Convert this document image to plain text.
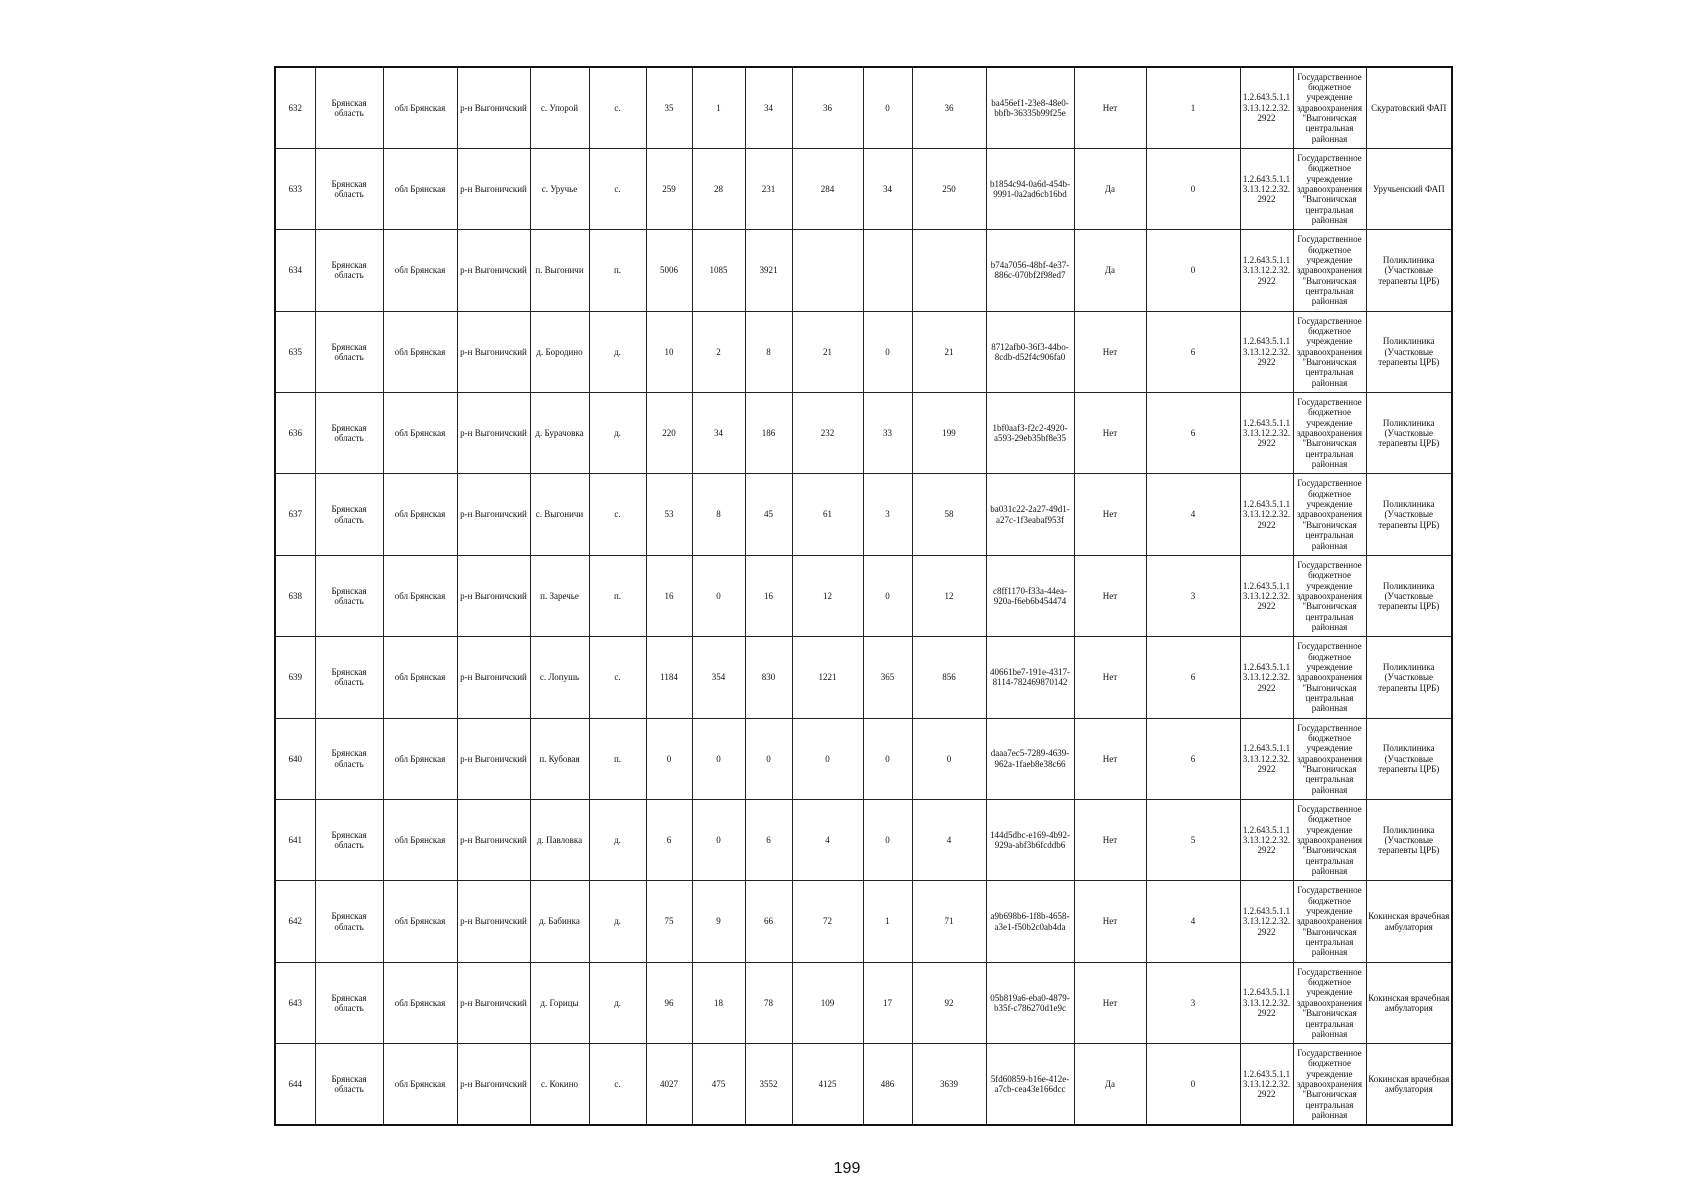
632	Брянская область	обл Брянская	р-н Выгоничский	с. Упорой	с.	35	1	34	36	0	36	ba456ef1-23e8-48e0-bbfb-36335b99f25e	Нет	1	1.2.643.5.1.13.13.12.2.32.2922	Государственное бюджетное учреждение здравоохранения "Выгоничская центральная районная	Скуратовский ФАП
633	Брянская область	обл Брянская	р-н Выгоничский	с. Уручье	с.	259	28	231	284	34	250	b1854c94-0a6d-454b-9991-0a2ad6cb16bd	Да	0	1.2.643.5.1.13.13.12.2.32.2922	Государственное бюджетное учреждение здравоохранения "Выгоничская центральная районная	Уручьенский ФАП
634	Брянская область	обл Брянская	р-н Выгоничский	п. Выгоничи	п.	5006	1085	3921				b74a7056-48bf-4e37-886c-070bf2f98ed7	Да	0	1.2.643.5.1.13.13.12.2.32.2922	Государственное бюджетное учреждение здравоохранения "Выгоничская центральная районная	Поликлиника (Участковые терапевты ЦРБ)
635	Брянская область	обл Брянская	р-н Выгоничский	д. Бородино	д.	10	2	8	21	0	21	8712afb0-36f3-44bo-8cdb-d52f4c906fa0	Нет	6	1.2.643.5.1.13.13.12.2.32.2922	Государственное бюджетное учреждение здравоохранения "Выгоничская центральная районная	Поликлиника (Участковые терапевты ЦРБ)
636	Брянская область	обл Брянская	р-н Выгоничский	д. Бурачовка	д.	220	34	186	232	33	199	1bf0aaf3-f2c2-4920-a593-29eb35bf8e35	Нет	6	1.2.643.5.1.13.13.12.2.32.2922	Государственное бюджетное учреждение здравоохранения "Выгоничская центральная районная	Поликлиника (Участковые терапевты ЦРБ)
637	Брянская область	обл Брянская	р-н Выгоничский	с. Выгоничи	с.	53	8	45	61	3	58	ba031c22-2a27-49d1-a27c-1f3eabaf953f	Нет	4	1.2.643.5.1.13.13.12.2.32.2922	Государственное бюджетное учреждение здравоохранения "Выгоничская центральная районная	Поликлиника (Участковые терапевты ЦРБ)
638	Брянская область	обл Брянская	р-н Выгоничский	п. Заречье	п.	16	0	16	12	0	12	c8ff1170-f33a-44ea-920a-f6eb6b454474	Нет	3	1.2.643.5.1.13.13.12.2.32.2922	Государственное бюджетное учреждение здравоохранения "Выгоничская центральная районная	Поликлиника (Участковые терапевты ЦРБ)
639	Брянская область	обл Брянская	р-н Выгоничский	с. Лопушь	с.	1184	354	830	1221	365	856	40661be7-191e-4317-8114-782469870142	Нет	6	1.2.643.5.1.13.13.12.2.32.2922	Государственное бюджетное учреждение здравоохранения "Выгоничская центральная районная	Поликлиника (Участковые терапевты ЦРБ)
640	Брянская область	обл Брянская	р-н Выгоничский	п. Кубовая	п.	0	0	0	0	0	0	daaa7ec5-7289-4639-962a-1faeb8e38c66	Нет	6	1.2.643.5.1.13.13.12.2.32.2922	Государственное бюджетное учреждение здравоохранения "Выгоничская центральная районная	Поликлиника (Участковые терапевты ЦРБ)
641	Брянская область	обл Брянская	р-н Выгоничский	д. Павловка	д.	6	0	6	4	0	4	144d5dbc-e169-4b92-929a-abf3b6fcddb6	Нет	5	1.2.643.5.1.13.13.12.2.32.2922	Государственное бюджетное учреждение здравоохранения "Выгоничская центральная районная	Поликлиника (Участковые терапевты ЦРБ)
642	Брянская область	обл Брянская	р-н Выгоничский	д. Бабинка	д.	75	9	66	72	1	71	a9b698b6-1f8b-4658-a3e1-f50b2c0ab4da	Нет	4	1.2.643.5.1.13.13.12.2.32.2922	Государственное бюджетное учреждение здравоохранения "Выгоничская центральная районная	Кокинская врачебная амбулатория
643	Брянская область	обл Брянская	р-н Выгоничский	д. Горицы	д.	96	18	78	109	17	92	05b819a6-eba0-4879-b35f-c786270d1e9c	Нет	3	1.2.643.5.1.13.13.12.2.32.2922	Государственное бюджетное учреждение здравоохранения "Выгоничская центральная районная	Кокинская врачебная амбулатория
644	Брянская область	обл Брянская	р-н Выгоничский	с. Кокино	с.	4027	475	3552	4125	486	3639	5fd60859-b16e-412e-a7cb-cea43e166dcc	Да	0	1.2.643.5.1.13.13.12.2.32.2922	Государственное бюджетное учреждение здравоохранения "Выгоничская центральная районная	Кокинская врачебная амбулатория
199
